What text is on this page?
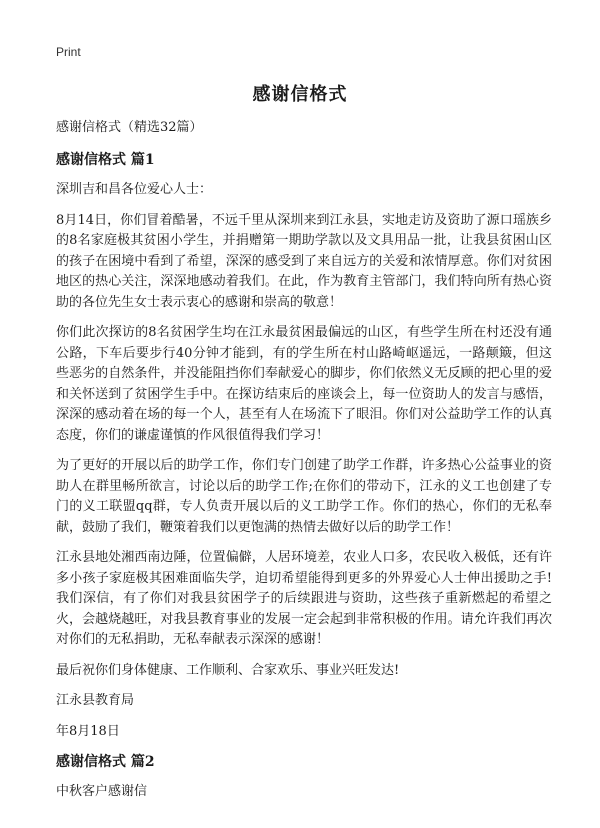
Print
感谢信格式

感谢信格式（精选32篇）

感谢信格式 篇1

深圳吉和昌各位爱心人士：

8月14日，你们冒着酷暑，不远千里从深圳来到江永县，实地走访及资助了源口瑶族乡的8名家庭极其贫困小学生，并捐赠第一期助学款以及文具用品一批，让我县贫困山区的孩子在困境中看到了希望，深深的感受到了来自远方的关爱和浓情厚意。你们对贫困地区的热心关注，深深地感动着我们。在此，作为教育主管部门，我们特向所有热心资助的各位先生女士表示衷心的感谢和崇高的敬意！

你们此次探访的8名贫困学生均在江永最贫困最偏远的山区，有些学生所在村还没有通公路，下车后要步行40分钟才能到，有的学生所在村山路崎岖遥远，一路颠簸，但这些恶劣的自然条件，并没能阻挡你们奉献爱心的脚步，你们依然义无反顾的把心里的爱和关怀送到了贫困学生手中。在探访结束后的座谈会上，每一位资助人的发言与感悟，深深的感动着在场的每一个人，甚至有人在场流下了眼泪。你们对公益助学工作的认真态度，你们的谦虚谨慎的作风很值得我们学习！

为了更好的开展以后的助学工作，你们专门创建了助学工作群，许多热心公益事业的资助人在群里畅所欲言，讨论以后的助学工作;在你们的带动下，江永的义工也创建了专门的义工联盟qq群，专人负责开展以后的义工助学工作。你们的热心，你们的无私奉献，鼓励了我们，鞭策着我们以更饱满的热情去做好以后的助学工作！

江永县地处湘西南边陲，位置偏僻，人居环境差，农业人口多，农民收入极低，还有许多小孩子家庭极其困难面临失学，迫切希望能得到更多的外界爱心人士伸出援助之手!我们深信，有了你们对我县贫困学子的后续跟进与资助，这些孩子重新燃起的希望之火，会越烧越旺，对我县教育事业的发展一定会起到非常积极的作用。请允许我们再次对你们的无私捐助，无私奉献表示深深的感谢！

最后祝你们身体健康、工作顺利、合家欢乐、事业兴旺发达!

江永县教育局

年8月18日

感谢信格式 篇2

中秋客户感谢信
